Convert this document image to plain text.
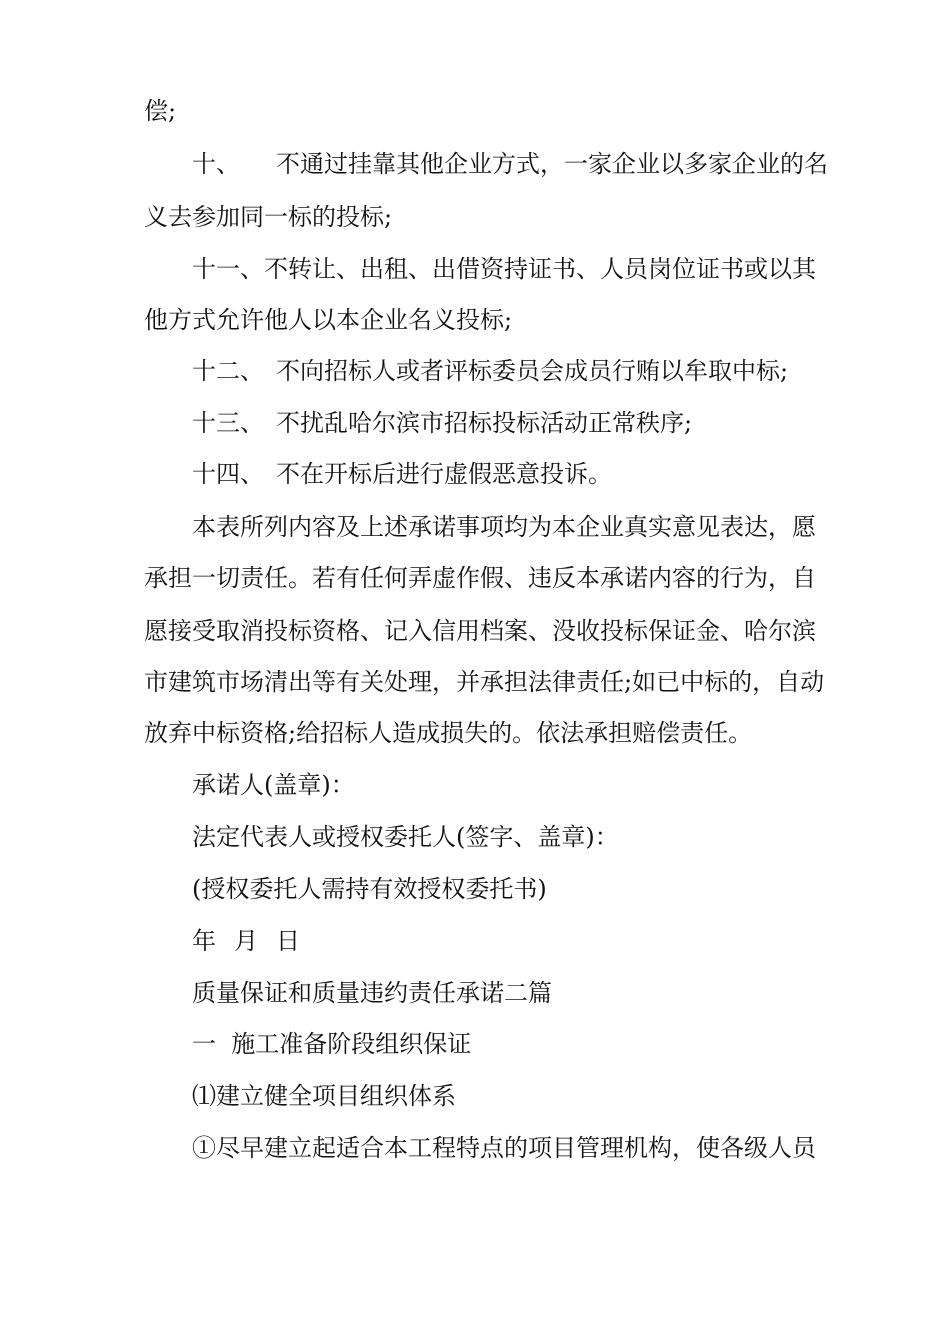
偿;
十、 不通过挂靠其他企业方式，一家企业以多家企业的名
义去参加同一标的投标;
十一、不转让、出租、出借资持证书、人员岗位证书或以其
他方式允许他人以本企业名义投标;
十二、 不向招标人或者评标委员会成员行贿以牟取中标;
十三、 不扰乱哈尔滨市招标投标活动正常秩序;
十四、 不在开标后进行虚假恶意投诉。
本表所列内容及上述承诺事项均为本企业真实意见表达，愿
承担一切责任。若有任何弄虚作假、违反本承诺内容的行为，自
愿接受取消投标资格、记入信用档案、没收投标保证金、哈尔滨
市建筑市场清出等有关处理，并承担法律责任;如已中标的，自动
放弃中标资格;给招标人造成损失的。依法承担赔偿责任。
承诺人(盖章)：
法定代表人或授权委托人(签字、盖章)：
(授权委托人需持有效授权委托书)
年 月 日
质量保证和质量违约责任承诺二篇
一  施工准备阶段组织保证
⑴建立健全项目组织体系
①尽早建立起适合本工程特点的项目管理机构，使各级人员
